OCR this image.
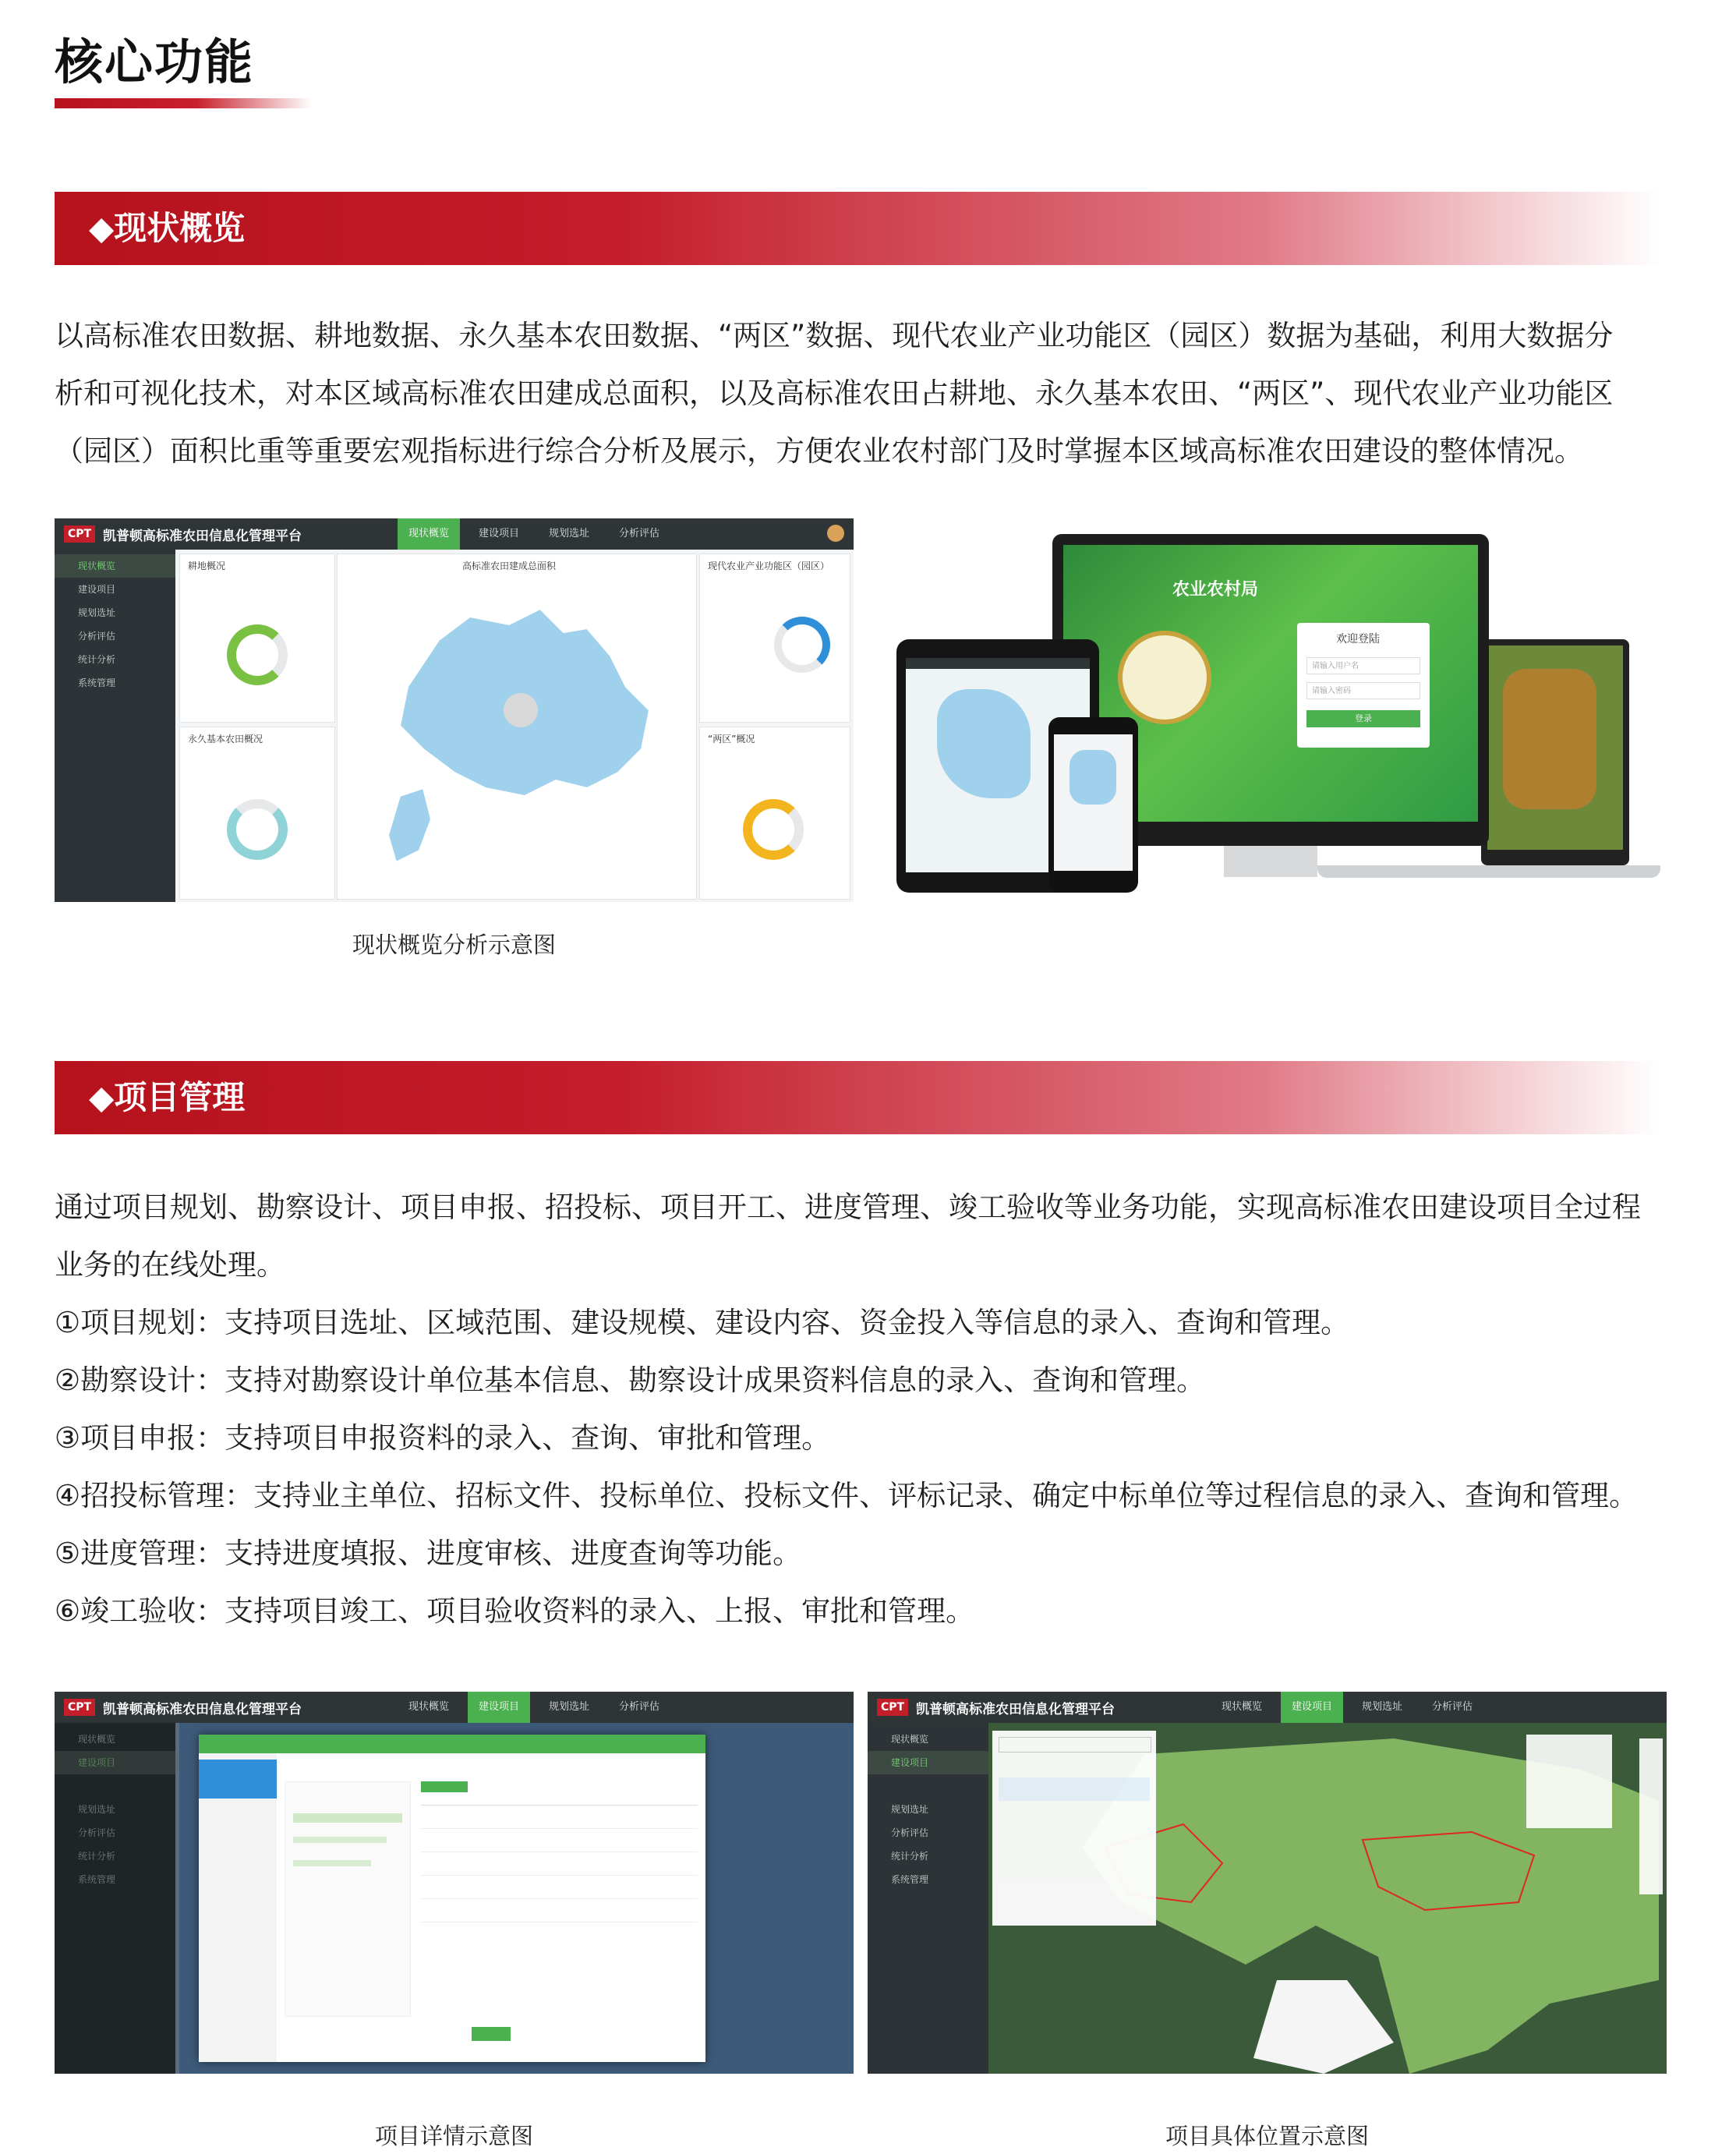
核心功能
◆现状概览

以高标准农田数据、耕地数据、永久基本农田数据、“两区”数据、现代农业产业功能区（园区）数据为基础，利用大数据分

析和可视化技术，对本区域高标准农田建成总面积，以及高标准农田占耕地、永久基本农田、“两区”、现代农业产业功能区

（园区）面积比重等重要宏观指标进行综合分析及展示，方便农业农村部门及时掌握本区域高标准农田建设的整体情况。

CPT 凯普顿高标准农田信息化管理平台	现状概览	建设项目	规划选址	分析评估
现状概览
建设项目
规划选址
分析评估
统计分析
系统管理
耕地概况
永久基本农田概况
高标准农田建成总面积	现代农业产业功能区（园区）
“两区”概况
农业农村局
欢迎登陆
请输入用户名
请输入密码
登录
现状概览分析示意图
◆项目管理

通过项目规划、勘察设计、项目申报、招投标、项目开工、进度管理、竣工验收等业务功能，实现高标准农田建设项目全过程

业务的在线处理。

①项目规划：支持项目选址、区域范围、建设规模、建设内容、资金投入等信息的录入、查询和管理。

②勘察设计：支持对勘察设计单位基本信息、勘察设计成果资料信息的录入、查询和管理。

③项目申报：支持项目申报资料的录入、查询、审批和管理。

④招投标管理：支持业主单位、招标文件、投标单位、投标文件、评标记录、确定中标单位等过程信息的录入、查询和管理。

⑤进度管理：支持进度填报、进度审核、进度查询等功能。

⑥竣工验收：支持项目竣工、项目验收资料的录入、上报、审批和管理。

CPT 凯普顿高标准农田信息化管理平台	现状概览	建设项目	规划选址	分析评估
现状概览
建设项目
规划选址
分析评估
统计分析
系统管理
CPT 凯普顿高标准农田信息化管理平台	现状概览	建设项目	规划选址	分析评估
现状概览
建设项目
规划选址
分析评估
统计分析
系统管理
项目详情示意图	项目具体位置示意图
